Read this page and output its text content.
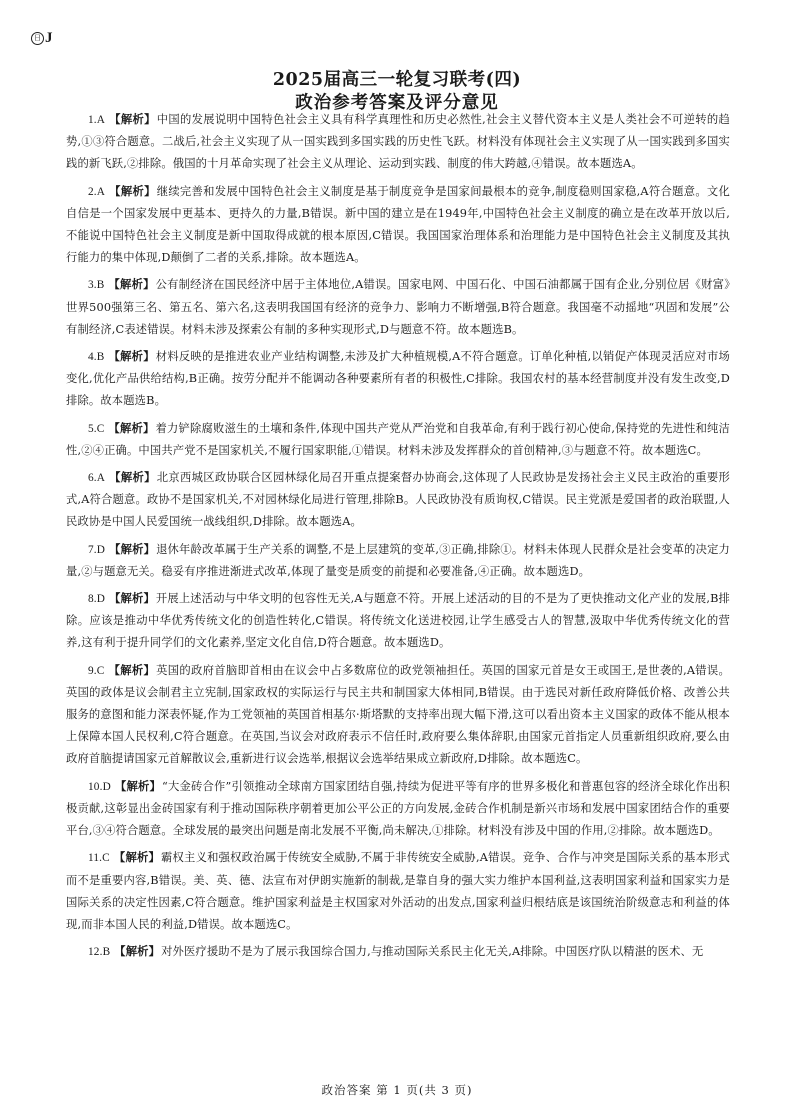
日 J
2025届高三一轮复习联考(四)
政治参考答案及评分意见

1.A 【解析】中国的发展说明中国特色社会主义具有科学真理性和历史必然性,社会主义替代资本主义是人类社会不可逆转的趋势,①③符合题意。二战后,社会主义实现了从一国实践到多国实践的历史性飞跃。材料没有体现社会主义实现了从一国实践到多国实践的新飞跃,②排除。俄国的十月革命实现了社会主义从理论、运动到实践、制度的伟大跨越,④错误。故本题选A。

2.A 【解析】继续完善和发展中国特色社会主义制度是基于制度竞争是国家间最根本的竞争,制度稳则国家稳,A符合题意。文化自信是一个国家发展中更基本、更持久的力量,B错误。新中国的建立是在1949年,中国特色社会主义制度的确立是在改革开放以后,不能说中国特色社会主义制度是新中国取得成就的根本原因,C错误。我国国家治理体系和治理能力是中国特色社会主义制度及其执行能力的集中体现,D颠倒了二者的关系,排除。故本题选A。

3.B 【解析】公有制经济在国民经济中居于主体地位,A错误。国家电网、中国石化、中国石油都属于国有企业,分别位居《财富》世界500强第三名、第五名、第六名,这表明我国国有经济的竞争力、影响力不断增强,B符合题意。我国毫不动摇地“巩固和发展”公有制经济,C表述错误。材料未涉及探索公有制的多种实现形式,D与题意不符。故本题选B。

4.B 【解析】材料反映的是推进农业产业结构调整,未涉及扩大种植规模,A不符合题意。订单化种植,以销促产体现灵活应对市场变化,优化产品供给结构,B正确。按劳分配并不能调动各种要素所有者的积极性,C排除。我国农村的基本经营制度并没有发生改变,D排除。故本题选B。

5.C 【解析】着力铲除腐败滋生的土壤和条件,体现中国共产党从严治党和自我革命,有利于践行初心使命,保持党的先进性和纯洁性,②④正确。中国共产党不是国家机关,不履行国家职能,①错误。材料未涉及发挥群众的首创精神,③与题意不符。故本题选C。

6.A 【解析】北京西城区政协联合区园林绿化局召开重点提案督办协商会,这体现了人民政协是发扬社会主义民主政治的重要形式,A符合题意。政协不是国家机关,不对园林绿化局进行管理,排除B。人民政协没有质询权,C错误。民主党派是爱国者的政治联盟,人民政协是中国人民爱国统一战线组织,D排除。故本题选A。

7.D 【解析】退休年龄改革属于生产关系的调整,不是上层建筑的变革,③正确,排除①。材料未体现人民群众是社会变革的决定力量,②与题意无关。稳妥有序推进渐进式改革,体现了量变是质变的前提和必要准备,④正确。故本题选D。

8.D 【解析】开展上述活动与中华文明的包容性无关,A与题意不符。开展上述活动的目的不是为了更快推动文化产业的发展,B排除。应该是推动中华优秀传统文化的创造性转化,C错误。将传统文化送进校园,让学生感受古人的智慧,汲取中华优秀传统文化的营养,这有利于提升同学们的文化素养,坚定文化自信,D符合题意。故本题选D。

9.C 【解析】英国的政府首脑即首相由在议会中占多数席位的政党领袖担任。英国的国家元首是女王或国王,是世袭的,A错误。英国的政体是议会制君主立宪制,国家政权的实际运行与民主共和制国家大体相同,B错误。由于选民对新任政府降低价格、改善公共服务的意图和能力深表怀疑,作为工党领袖的英国首相基尔·斯塔默的支持率出现大幅下滑,这可以看出资本主义国家的政体不能从根本上保障本国人民权利,C符合题意。在英国,当议会对政府表示不信任时,政府要么集体辞职,由国家元首指定人员重新组织政府,要么由政府首脑提请国家元首解散议会,重新进行议会选举,根据议会选举结果成立新政府,D排除。故本题选C。

10.D 【解析】“大金砖合作”引领推动全球南方国家团结自强,持续为促进平等有序的世界多极化和普惠包容的经济全球化作出积极贡献,这彰显出金砖国家有利于推动国际秩序朝着更加公平公正的方向发展,金砖合作机制是新兴市场和发展中国家团结合作的重要平台,③④符合题意。全球发展的最突出问题是南北发展不平衡,尚未解决,①排除。材料没有涉及中国的作用,②排除。故本题选D。

11.C 【解析】霸权主义和强权政治属于传统安全威胁,不属于非传统安全威胁,A错误。竞争、合作与冲突是国际关系的基本形式而不是重要内容,B错误。美、英、德、法宣布对伊朗实施新的制裁,是靠自身的强大实力维护本国利益,这表明国家利益和国家实力是国际关系的决定性因素,C符合题意。维护国家利益是主权国家对外活动的出发点,国家利益归根结底是该国统治阶级意志和利益的体现,而非本国人民的利益,D错误。故本题选C。

12.B 【解析】对外医疗援助不是为了展示我国综合国力,与推动国际关系民主化无关,A排除。中国医疗队以精湛的医术、无

政治答案 第 1 页(共 3 页)
